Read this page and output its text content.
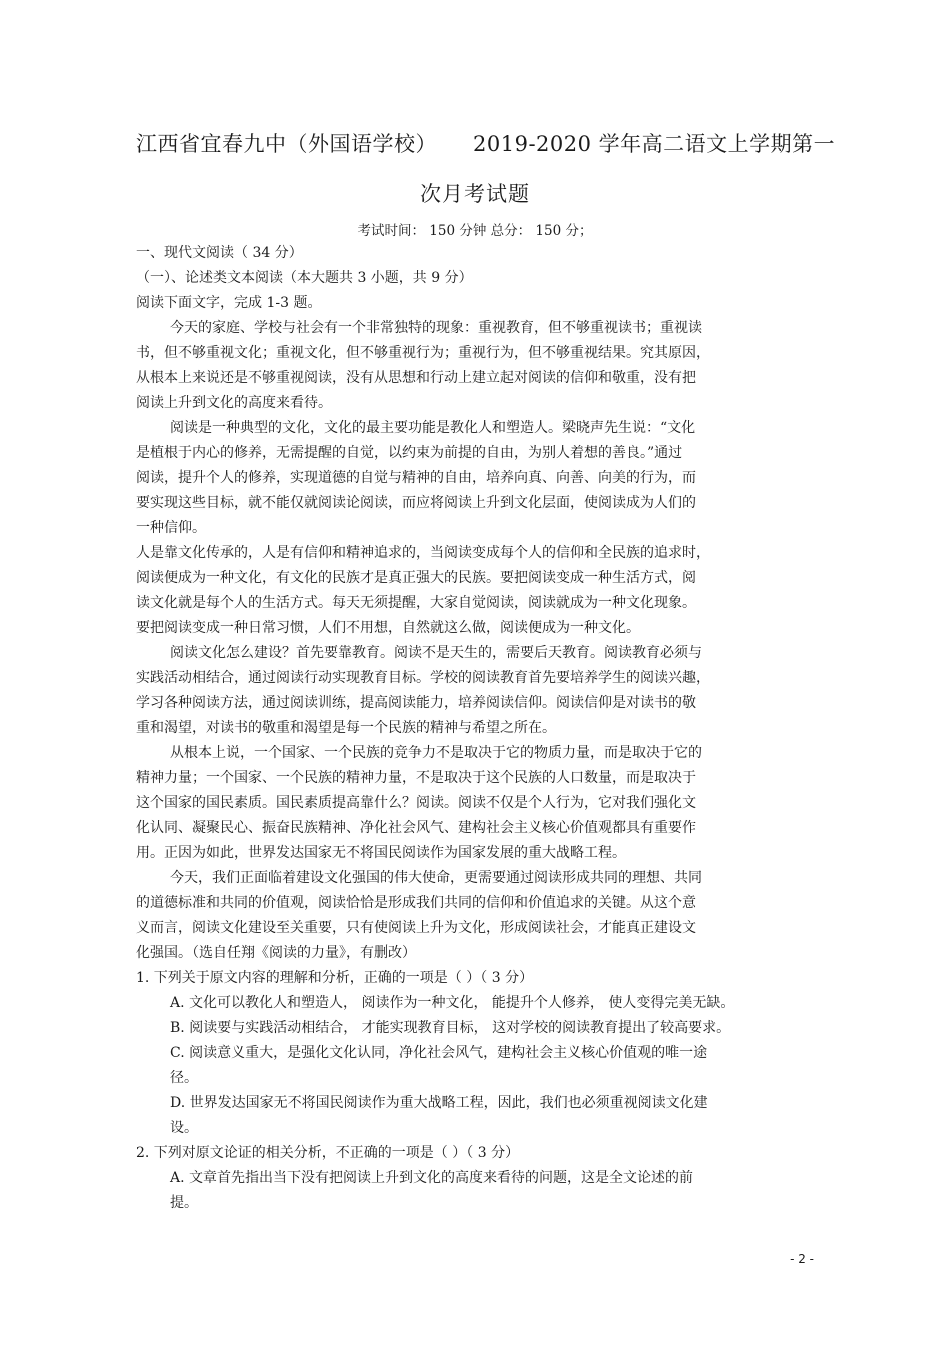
江西省宜春九中（外国语学校） 2019-2020 学年高二语文上学期第一
次月考试题
考试时间： 150 分钟 总分： 150 分；
一、现代文阅读（ 34 分）
（一）、论述类文本阅读（本大题共 3 小题，共 9 分）
阅读下面文字，完成 1-3 题。
今天的家庭、学校与社会有一个非常独特的现象：重视教育，但不够重视读书；重视读
书，但不够重视文化；重视文化，但不够重视行为；重视行为，但不够重视结果。究其原因，
从根本上来说还是不够重视阅读，没有从思想和行动上建立起对阅读的信仰和敬重，没有把
阅读上升到文化的高度来看待。
阅读是一种典型的文化，文化的最主要功能是教化人和塑造人。梁晓声先生说：“文化
是植根于内心的修养，无需提醒的自觉，以约束为前提的自由，为别人着想的善良。”通过
阅读，提升个人的修养，实现道德的自觉与精神的自由，培养向真、向善、向美的行为，而
要实现这些目标，就不能仅就阅读论阅读，而应将阅读上升到文化层面，使阅读成为人们的
一种信仰。
人是靠文化传承的，人是有信仰和精神追求的，当阅读变成每个人的信仰和全民族的追求时，
阅读便成为一种文化，有文化的民族才是真正强大的民族。要把阅读变成一种生活方式，阅
读文化就是每个人的生活方式。每天无须提醒，大家自觉阅读，阅读就成为一种文化现象。
要把阅读变成一种日常习惯，人们不用想，自然就这么做，阅读便成为一种文化。
阅读文化怎么建设？首先要靠教育。阅读不是天生的，需要后天教育。阅读教育必须与
实践活动相结合，通过阅读行动实现教育目标。学校的阅读教育首先要培养学生的阅读兴趣，
学习各种阅读方法，通过阅读训练，提高阅读能力，培养阅读信仰。阅读信仰是对读书的敬
重和渴望，对读书的敬重和渴望是每一个民族的精神与希望之所在。
从根本上说，一个国家、一个民族的竞争力不是取决于它的物质力量，而是取决于它的
精神力量；一个国家、一个民族的精神力量，不是取决于这个民族的人口数量，而是取决于
这个国家的国民素质。国民素质提高靠什么？阅读。阅读不仅是个人行为，它对我们强化文
化认同、凝聚民心、振奋民族精神、净化社会风气、建构社会主义核心价值观都具有重要作
用。正因为如此，世界发达国家无不将国民阅读作为国家发展的重大战略工程。
今天，我们正面临着建设文化强国的伟大使命，更需要通过阅读形成共同的理想、共同
的道德标准和共同的价值观，阅读恰恰是形成我们共同的信仰和价值追求的关键。从这个意
义而言，阅读文化建设至关重要，只有使阅读上升为文化，形成阅读社会，才能真正建设文
化强国。（选自任翔《阅读的力量》，有删改）
1. 下列关于原文内容的理解和分析，正确的一项是（ ）（ 3 分）
A. 文化可以教化人和塑造人， 阅读作为一种文化， 能提升个人修养， 使人变得完美无缺。
B. 阅读要与实践活动相结合， 才能实现教育目标， 这对学校的阅读教育提出了较高要求。
C. 阅读意义重大，是强化文化认同，净化社会风气，建构社会主义核心价值观的唯一途
径。
D. 世界发达国家无不将国民阅读作为重大战略工程，因此，我们也必须重视阅读文化建
设。
2. 下列对原文论证的相关分析，不正确的一项是（ ）（ 3 分）
A. 文章首先指出当下没有把阅读上升到文化的高度来看待的问题，这是全文论述的前
提。
- 2 -
